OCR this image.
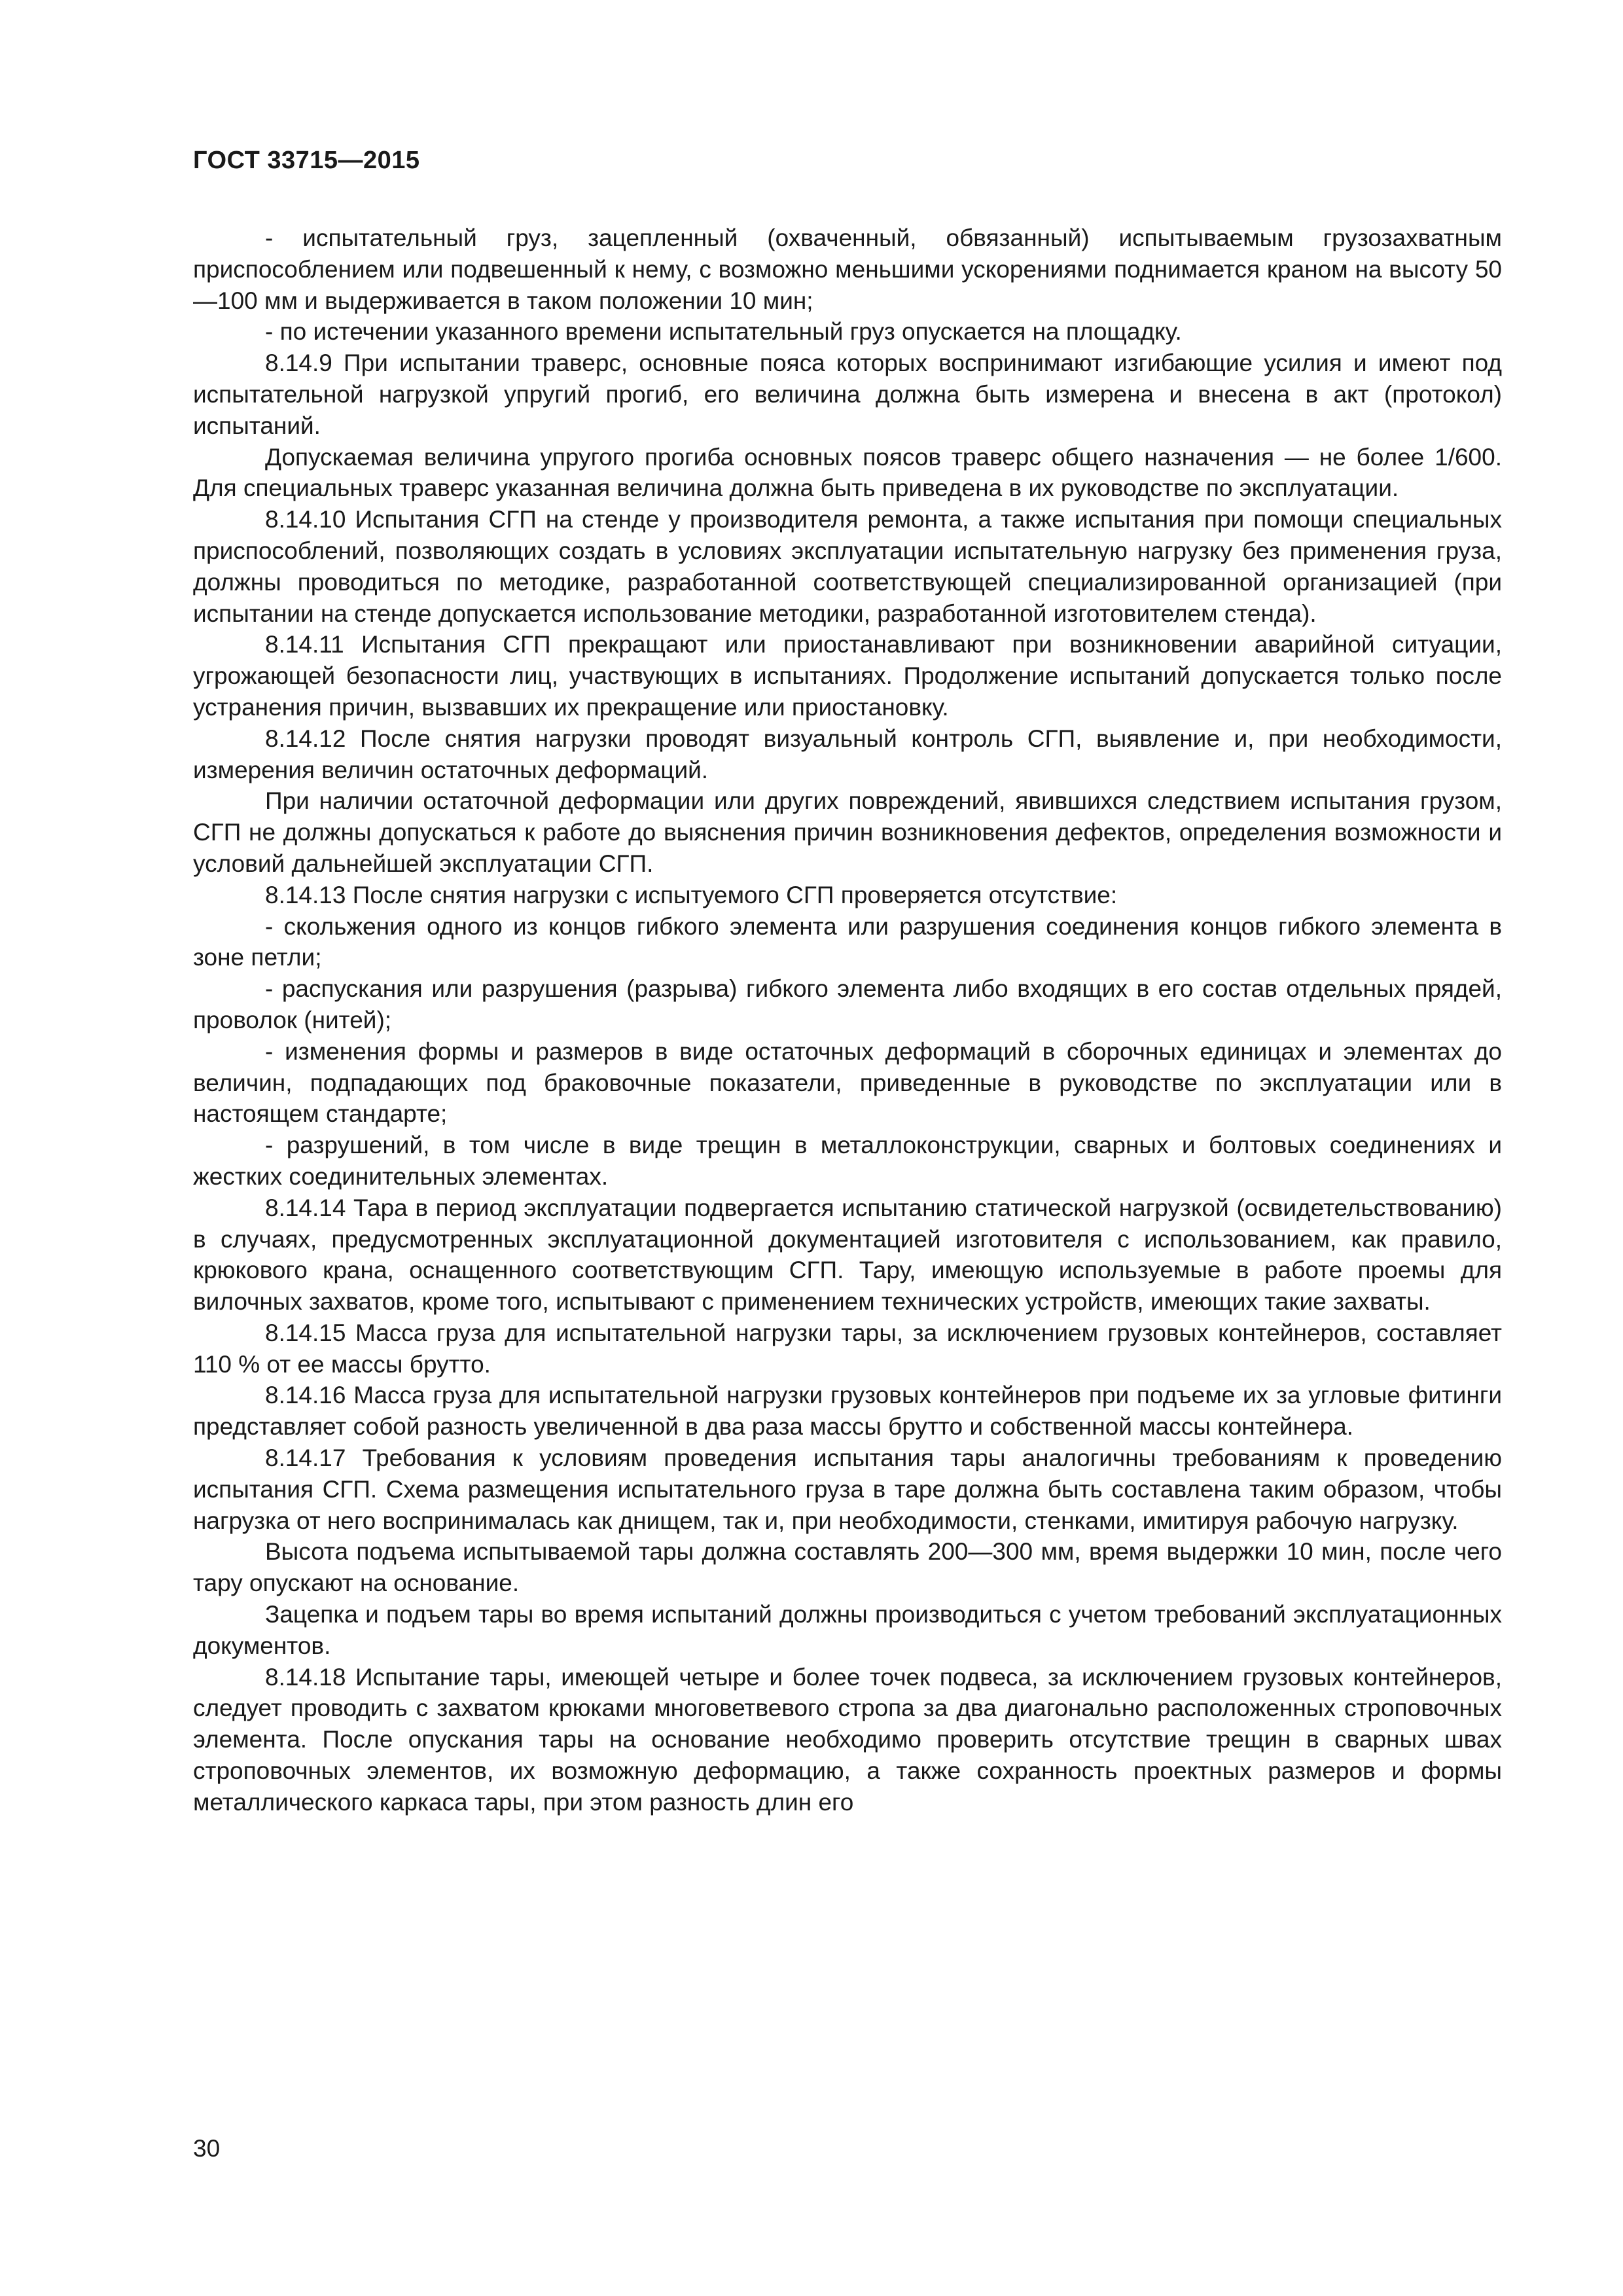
ГОСТ 33715—2015

- испытательный груз, зацепленный (охваченный, обвязанный) испытываемым грузозахватным приспособлением или подвешенный к нему, с возможно меньшими ускорениями поднимается краном на высоту 50—100 мм и выдерживается в таком положении 10 мин;

- по истечении указанного времени испытательный груз опускается на площадку.

8.14.9 При испытании траверс, основные пояса которых воспринимают изгибающие усилия и имеют под испытательной нагрузкой упругий прогиб, его величина должна быть измерена и внесена в акт (протокол) испытаний.

Допускаемая величина упругого прогиба основных поясов траверс общего назначения — не более 1/600. Для специальных траверс указанная величина должна быть приведена в их руководстве по эксплуатации.

8.14.10 Испытания СГП на стенде у производителя ремонта, а также испытания при помощи специальных приспособлений, позволяющих создать в условиях эксплуатации испытательную нагрузку без применения груза, должны проводиться по методике, разработанной соответствующей специализированной организацией (при испытании на стенде допускается использование методики, разработанной изготовителем стенда).

8.14.11 Испытания СГП прекращают или приостанавливают при возникновении аварийной ситуации, угрожающей безопасности лиц, участвующих в испытаниях. Продолжение испытаний допускается только после устранения причин, вызвавших их прекращение или приостановку.

8.14.12 После снятия нагрузки проводят визуальный контроль СГП, выявление и, при необходимости, измерения величин остаточных деформаций.

При наличии остаточной деформации или других повреждений, явившихся следствием испытания грузом, СГП не должны допускаться к работе до выяснения причин возникновения дефектов, определения возможности и условий дальнейшей эксплуатации СГП.

8.14.13 После снятия нагрузки с испытуемого СГП проверяется отсутствие:

- скольжения одного из концов гибкого элемента или разрушения соединения концов гибкого элемента в зоне петли;

- распускания или разрушения (разрыва) гибкого элемента либо входящих в его состав отдельных прядей, проволок (нитей);

- изменения формы и размеров в виде остаточных деформаций в сборочных единицах и элементах до величин, подпадающих под браковочные показатели, приведенные в руководстве по эксплуатации или в настоящем стандарте;

- разрушений, в том числе в виде трещин в металлоконструкции, сварных и болтовых соединениях и жестких соединительных элементах.

8.14.14 Тара в период эксплуатации подвергается испытанию статической нагрузкой (освидетельствованию) в случаях, предусмотренных эксплуатационной документацией изготовителя с использованием, как правило, крюкового крана, оснащенного соответствующим СГП. Тару, имеющую используемые в работе проемы для вилочных захватов, кроме того, испытывают с применением технических устройств, имеющих такие захваты.

8.14.15 Масса груза для испытательной нагрузки тары, за исключением грузовых контейнеров, составляет 110 % от ее массы брутто.

8.14.16 Масса груза для испытательной нагрузки грузовых контейнеров при подъеме их за угловые фитинги представляет собой разность увеличенной в два раза массы брутто и собственной массы контейнера.

8.14.17 Требования к условиям проведения испытания тары аналогичны требованиям к проведению испытания СГП. Схема размещения испытательного груза в таре должна быть составлена таким образом, чтобы нагрузка от него воспринималась как днищем, так и, при необходимости, стенками, имитируя рабочую нагрузку.

Высота подъема испытываемой тары должна составлять 200—300 мм, время выдержки 10 мин, после чего тару опускают на основание.

Зацепка и подъем тары во время испытаний должны производиться с учетом требований эксплуатационных документов.

8.14.18 Испытание тары, имеющей четыре и более точек подвеса, за исключением грузовых контейнеров, следует проводить с захватом крюками многоветвевого стропа за два диагонально расположенных строповочных элемента. После опускания тары на основание необходимо проверить отсутствие трещин в сварных швах строповочных элементов, их возможную деформацию, а также сохранность проектных размеров и формы металлического каркаса тары, при этом разность длин его

30
